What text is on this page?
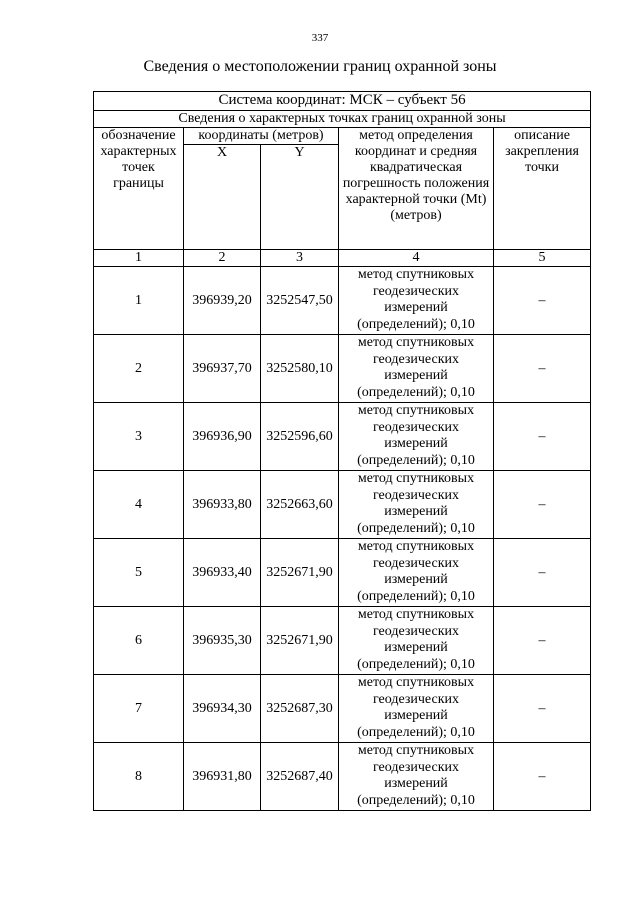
337
Сведения о местоположении границ охранной зоны
Система координат: МСК – субъект 56				
Сведения о характерных точках границ охранной зоны				
обозначение характерных точек границы	координаты (метров)		метод определения координат и средняя квадратическая погрешность положения характерной точки (Mt) (метров)	описание закрепления точки
	X	Y		
1	2	3	4	5
1	396939,20	3252547,50	метод спутниковых геодезических измерений (определений); 0,10	–
2	396937,70	3252580,10	метод спутниковых геодезических измерений (определений); 0,10	–
3	396936,90	3252596,60	метод спутниковых геодезических измерений (определений); 0,10	–
4	396933,80	3252663,60	метод спутниковых геодезических измерений (определений); 0,10	–
5	396933,40	3252671,90	метод спутниковых геодезических измерений (определений); 0,10	–
6	396935,30	3252671,90	метод спутниковых геодезических измерений (определений); 0,10	–
7	396934,30	3252687,30	метод спутниковых геодезических измерений (определений); 0,10	–
8	396931,80	3252687,40	метод спутниковых геодезических измерений (определений); 0,10	–
